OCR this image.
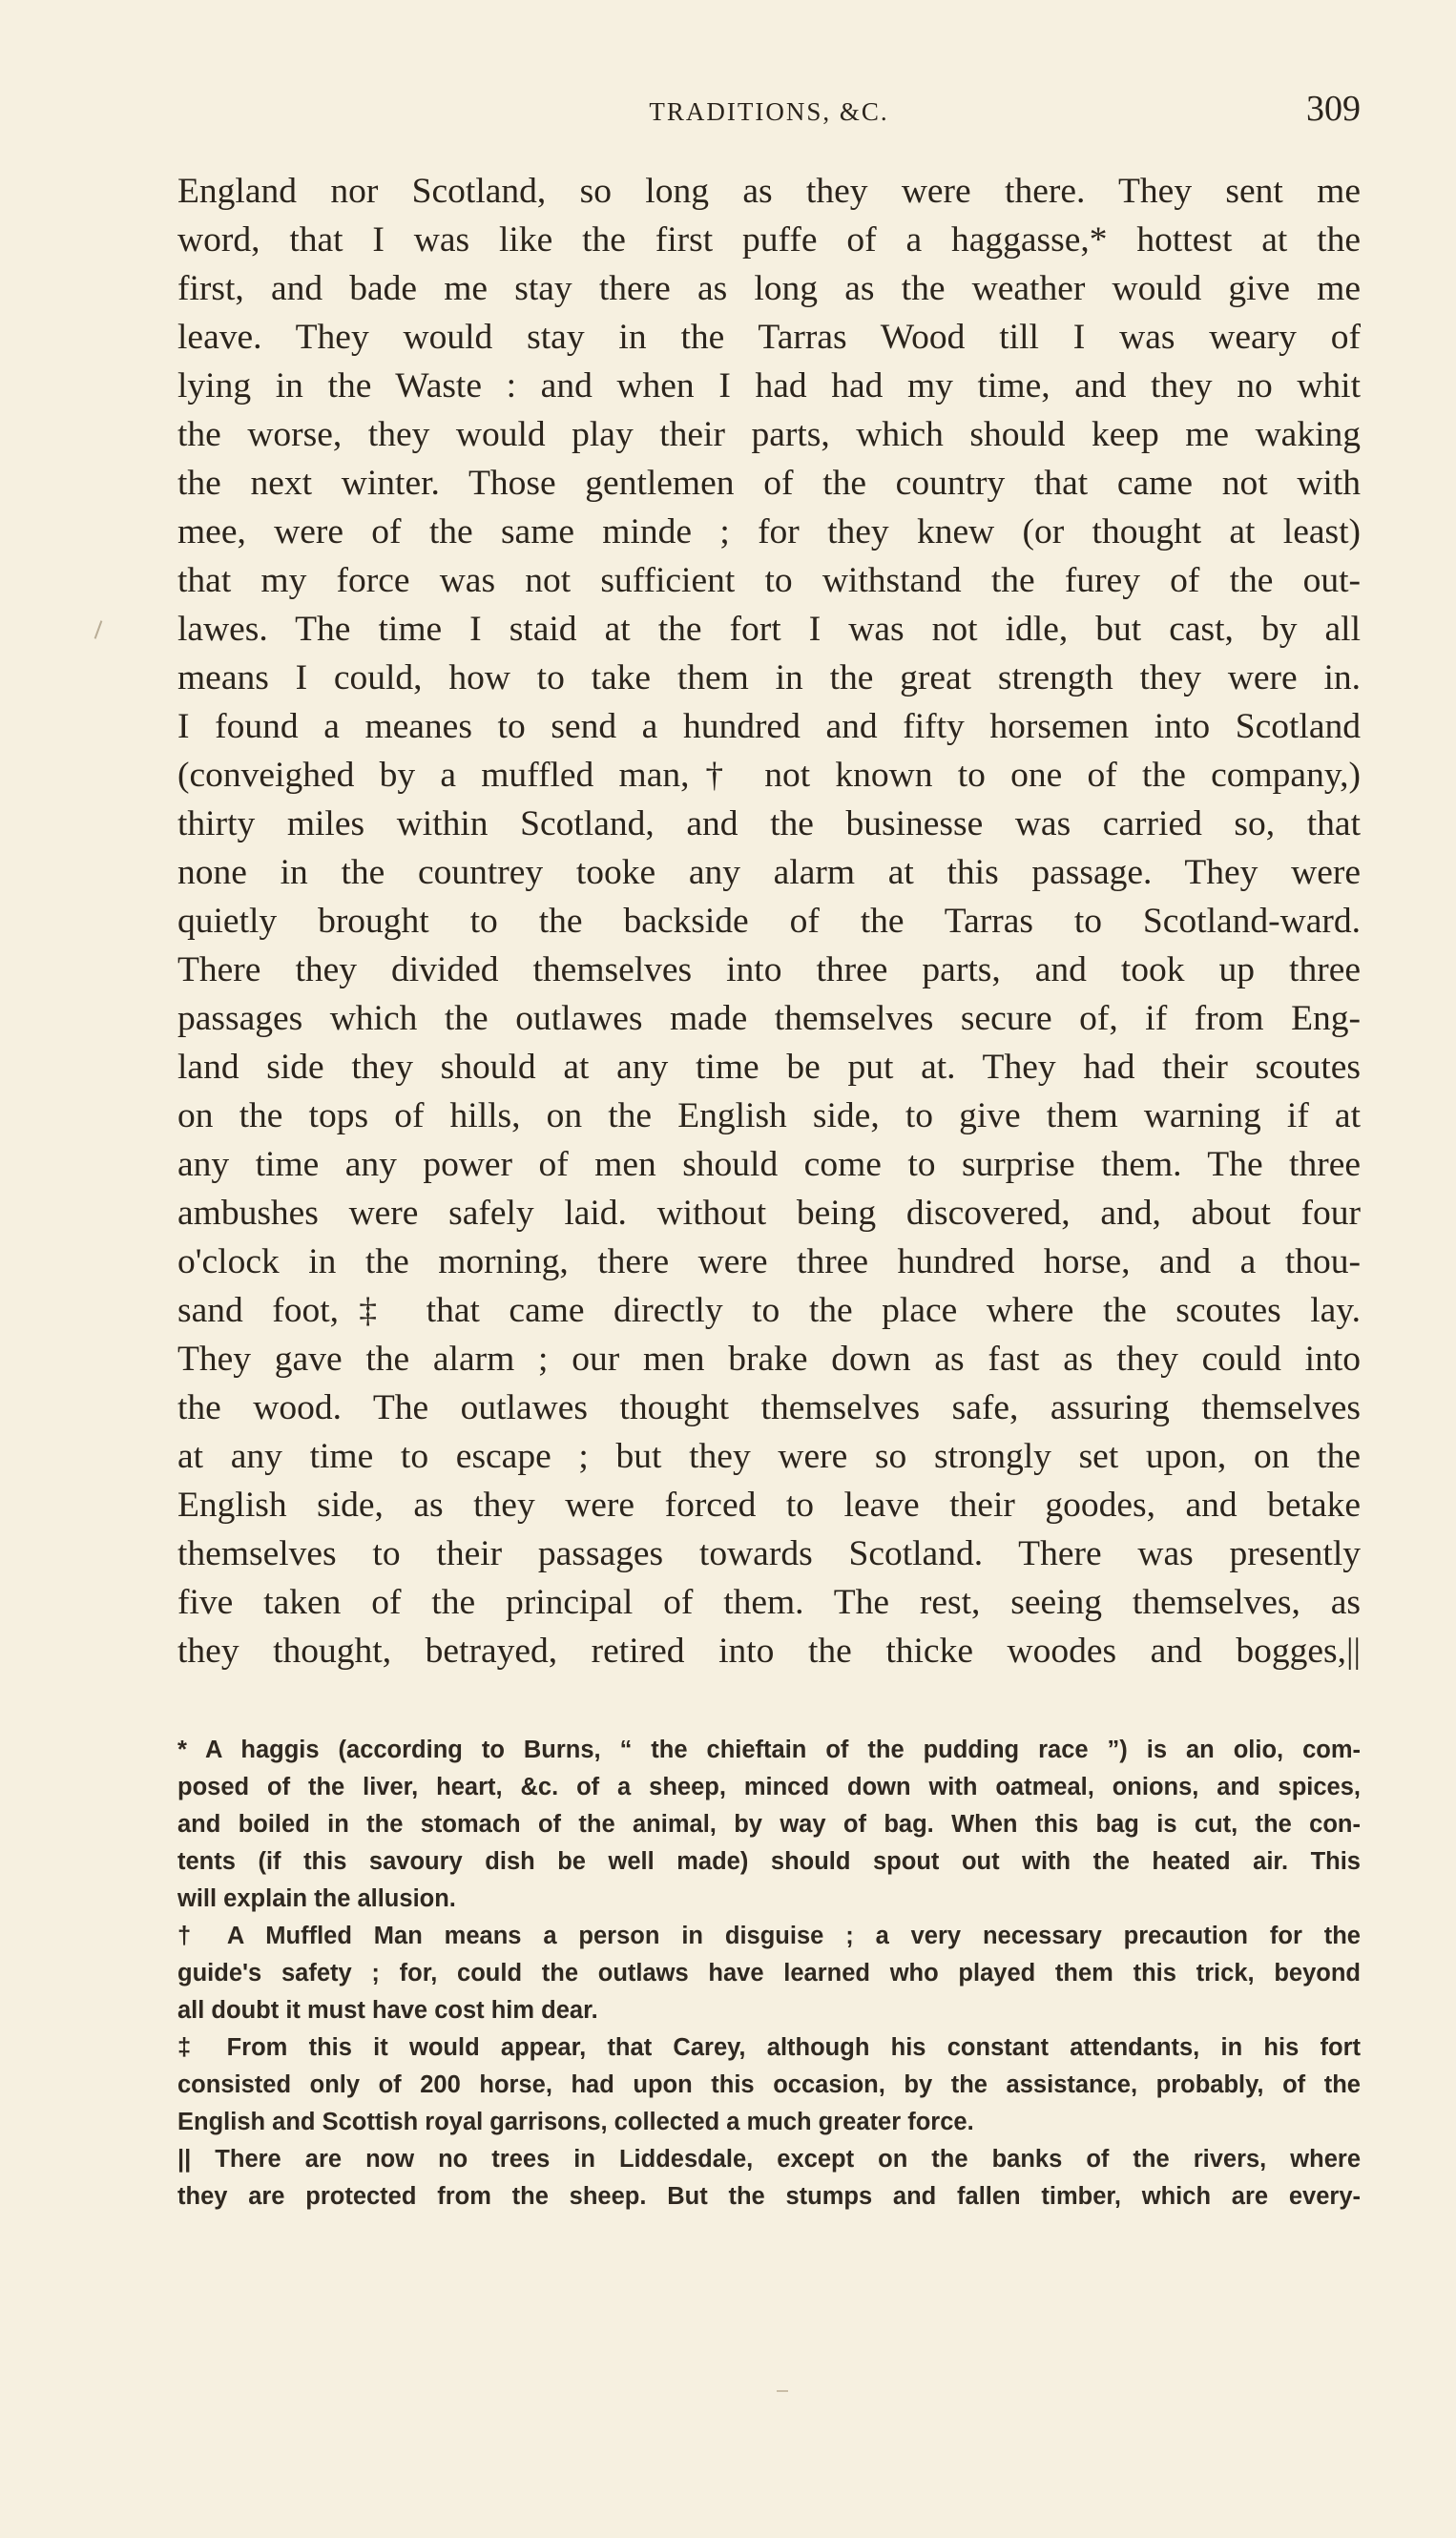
TRADITIONS, &C.	309
England nor Scotland, so long as they were there. They sent me
word, that I was like the first puffe of a haggasse,* hottest at the
first, and bade me stay there as long as the weather would give me
leave. They would stay in the Tarras Wood till I was weary of
lying in the Waste : and when I had had my time, and they no whit
the worse, they would play their parts, which should keep me waking
the next winter. Those gentlemen of the country that came not with
mee, were of the same minde ; for they knew (or thought at least)
that my force was not sufficient to withstand the furey of the out-
lawes. The time I staid at the fort I was not idle, but cast, by all
means I could, how to take them in the great strength they were in.
I found a meanes to send a hundred and fifty horsemen into Scotland
(conveighed by a muffled man,† not known to one of the company,)
thirty miles within Scotland, and the businesse was carried so, that
none in the countrey tooke any alarm at this passage. They were
quietly brought to the backside of the Tarras to Scotland-ward.
There they divided themselves into three parts, and took up three
passages which the outlawes made themselves secure of, if from Eng-
land side they should at any time be put at. They had their scoutes
on the tops of hills, on the English side, to give them warning if at
any time any power of men should come to surprise them. The three
ambushes were safely laid. without being discovered, and, about four
o'clock in the morning, there were three hundred horse, and a thou-
sand foot,‡ that came directly to the place where the scoutes lay.
They gave the alarm ; our men brake down as fast as they could into
the wood. The outlawes thought themselves safe, assuring themselves
at any time to escape ; but they were so strongly set upon, on the
English side, as they were forced to leave their goodes, and betake
themselves to their passages towards Scotland. There was presently
five taken of the principal of them. The rest, seeing themselves, as
they thought, betrayed, retired into the thicke woodes and bogges,||
* A haggis (according to Burns, “ the chieftain of the pudding race ”) is an olio, com-
posed of the liver, heart, &c. of a sheep, minced down with oatmeal, onions, and spices,
and boiled in the stomach of the animal, by way of bag. When this bag is cut, the con-
tents (if this savoury dish be well made) should spout out with the heated air. This
will explain the allusion.
† A Muffled Man means a person in disguise ; a very necessary precaution for the
guide's safety ; for, could the outlaws have learned who played them this trick, beyond
all doubt it must have cost him dear.
‡ From this it would appear, that Carey, although his constant attendants, in his fort
consisted only of 200 horse, had upon this occasion, by the assistance, probably, of the
English and Scottish royal garrisons, collected a much greater force.
|| There are now no trees in Liddesdale, except on the banks of the rivers, where
they are protected from the sheep. But the stumps and fallen timber, which are every-
